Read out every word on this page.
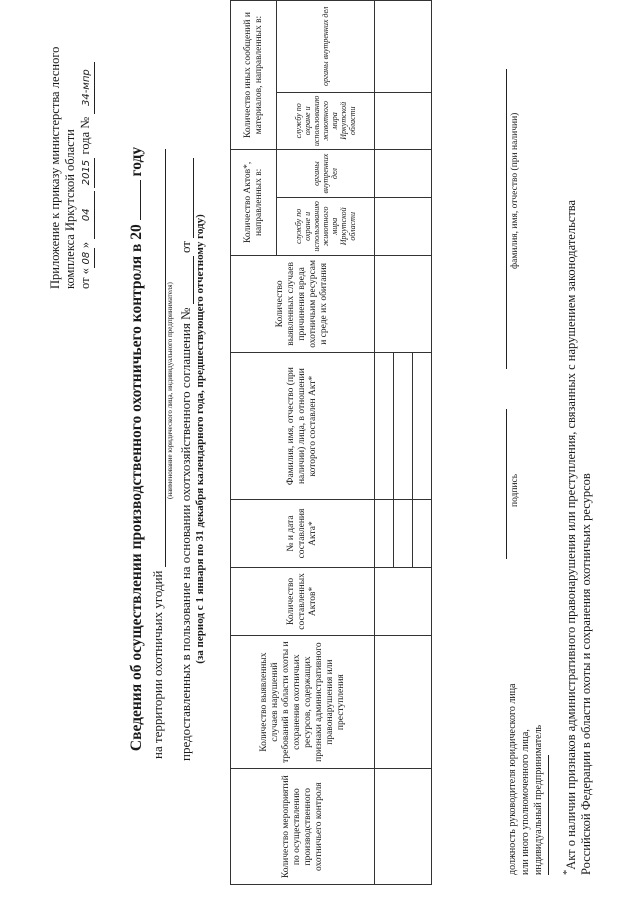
Приложение к приказу министерства лесного комплекса Иркутской области от «08» 04 2015 года № 34-мпр
Сведения об осуществлении производственного охотничьего контроля в 20  году
на территории охотничьих угодий
(наименование юридического лица, индивидуального предпринимателя) предоставленных в пользование на основании охотхозяйственного соглашения №  от (за период с 1 января по 31 декабря календарного года, предшествующего отчетному году)
Количество мероприятий по осуществлению производственного охотничьего контроля	Количество выявленных случаев нарушений требований в области охоты и сохранения охотничьих ресурсов, содержащих признаки административного правонарушения или преступления	Количество составленных Актов*	№ и дата составления Акта*	Фамилия, имя, отчество (при наличии) лица, в отношении которого составлен Акт*	Количество выявленных случаев причинения вреда охотничьим ресурсам и среде их обитания	Количество Актов*, направленных в:		Количество иных сообщений и материалов, направленных в:	
						службу по охране и использованию животного мира Иркутской области	органы внутренних дел	службу по охране и использованию животного мира Иркутской области	органы внутренних дел

должность руководителя юридического лица или иного уполномоченного лица, индивидуальный предприниматель
подпись
фамилия, имя, отчество (при наличии)
*Акт о наличии признаков административного правонарушения или преступления, связанных с нарушением законодательства Российской Федерации в области охоты и сохранения охотничьих ресурсов
